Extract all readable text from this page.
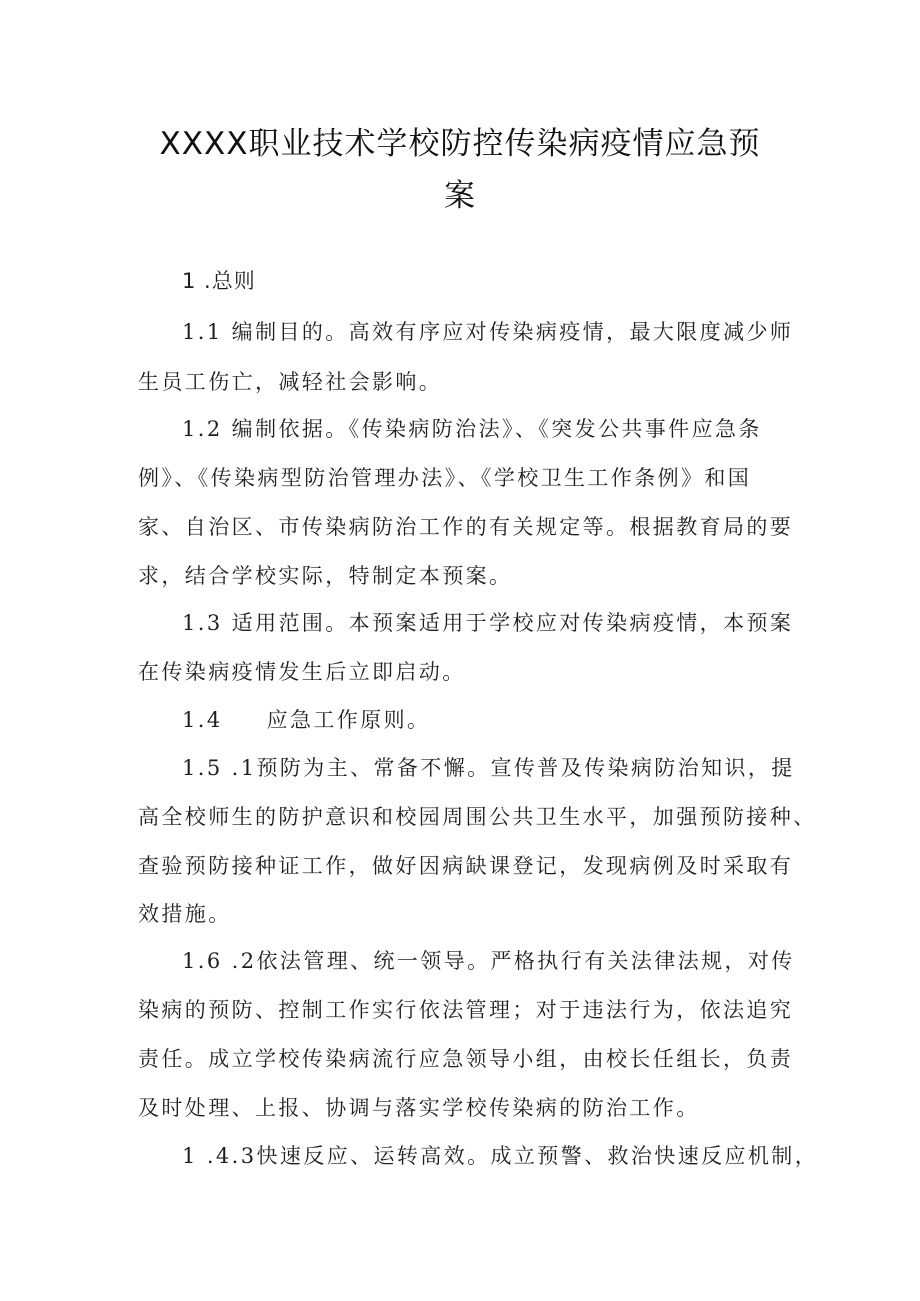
XXXX职业技术学校防控传染病疫情应急预
案
1 .总则
1.1 编制目的。高效有序应对传染病疫情，最大限度减少师
生员工伤亡，减轻社会影响。
1.2 编制依据。《传染病防治法》、《突发公共事件应急条
例》、《传染病型防治管理办法》、《学校卫生工作条例》和国
家、自治区、市传染病防治工作的有关规定等。根据教育局的要
求，结合学校实际，特制定本预案。
1.3 适用范围。本预案适用于学校应对传染病疫情，本预案
在传染病疫情发生后立即启动。
1.4 应急工作原则。
1.5 .1预防为主、常备不懈。宣传普及传染病防治知识，提
高全校师生的防护意识和校园周围公共卫生水平，加强预防接种、
查验预防接种证工作，做好因病缺课登记，发现病例及时采取有
效措施。
1.6 .2依法管理、统一领导。严格执行有关法律法规，对传
染病的预防、控制工作实行依法管理；对于违法行为，依法追究
责任。成立学校传染病流行应急领导小组，由校长任组长，负责
及时处理、上报、协调与落实学校传染病的防治工作。
1 .4.3快速反应、运转高效。成立预警、救治快速反应机制，
